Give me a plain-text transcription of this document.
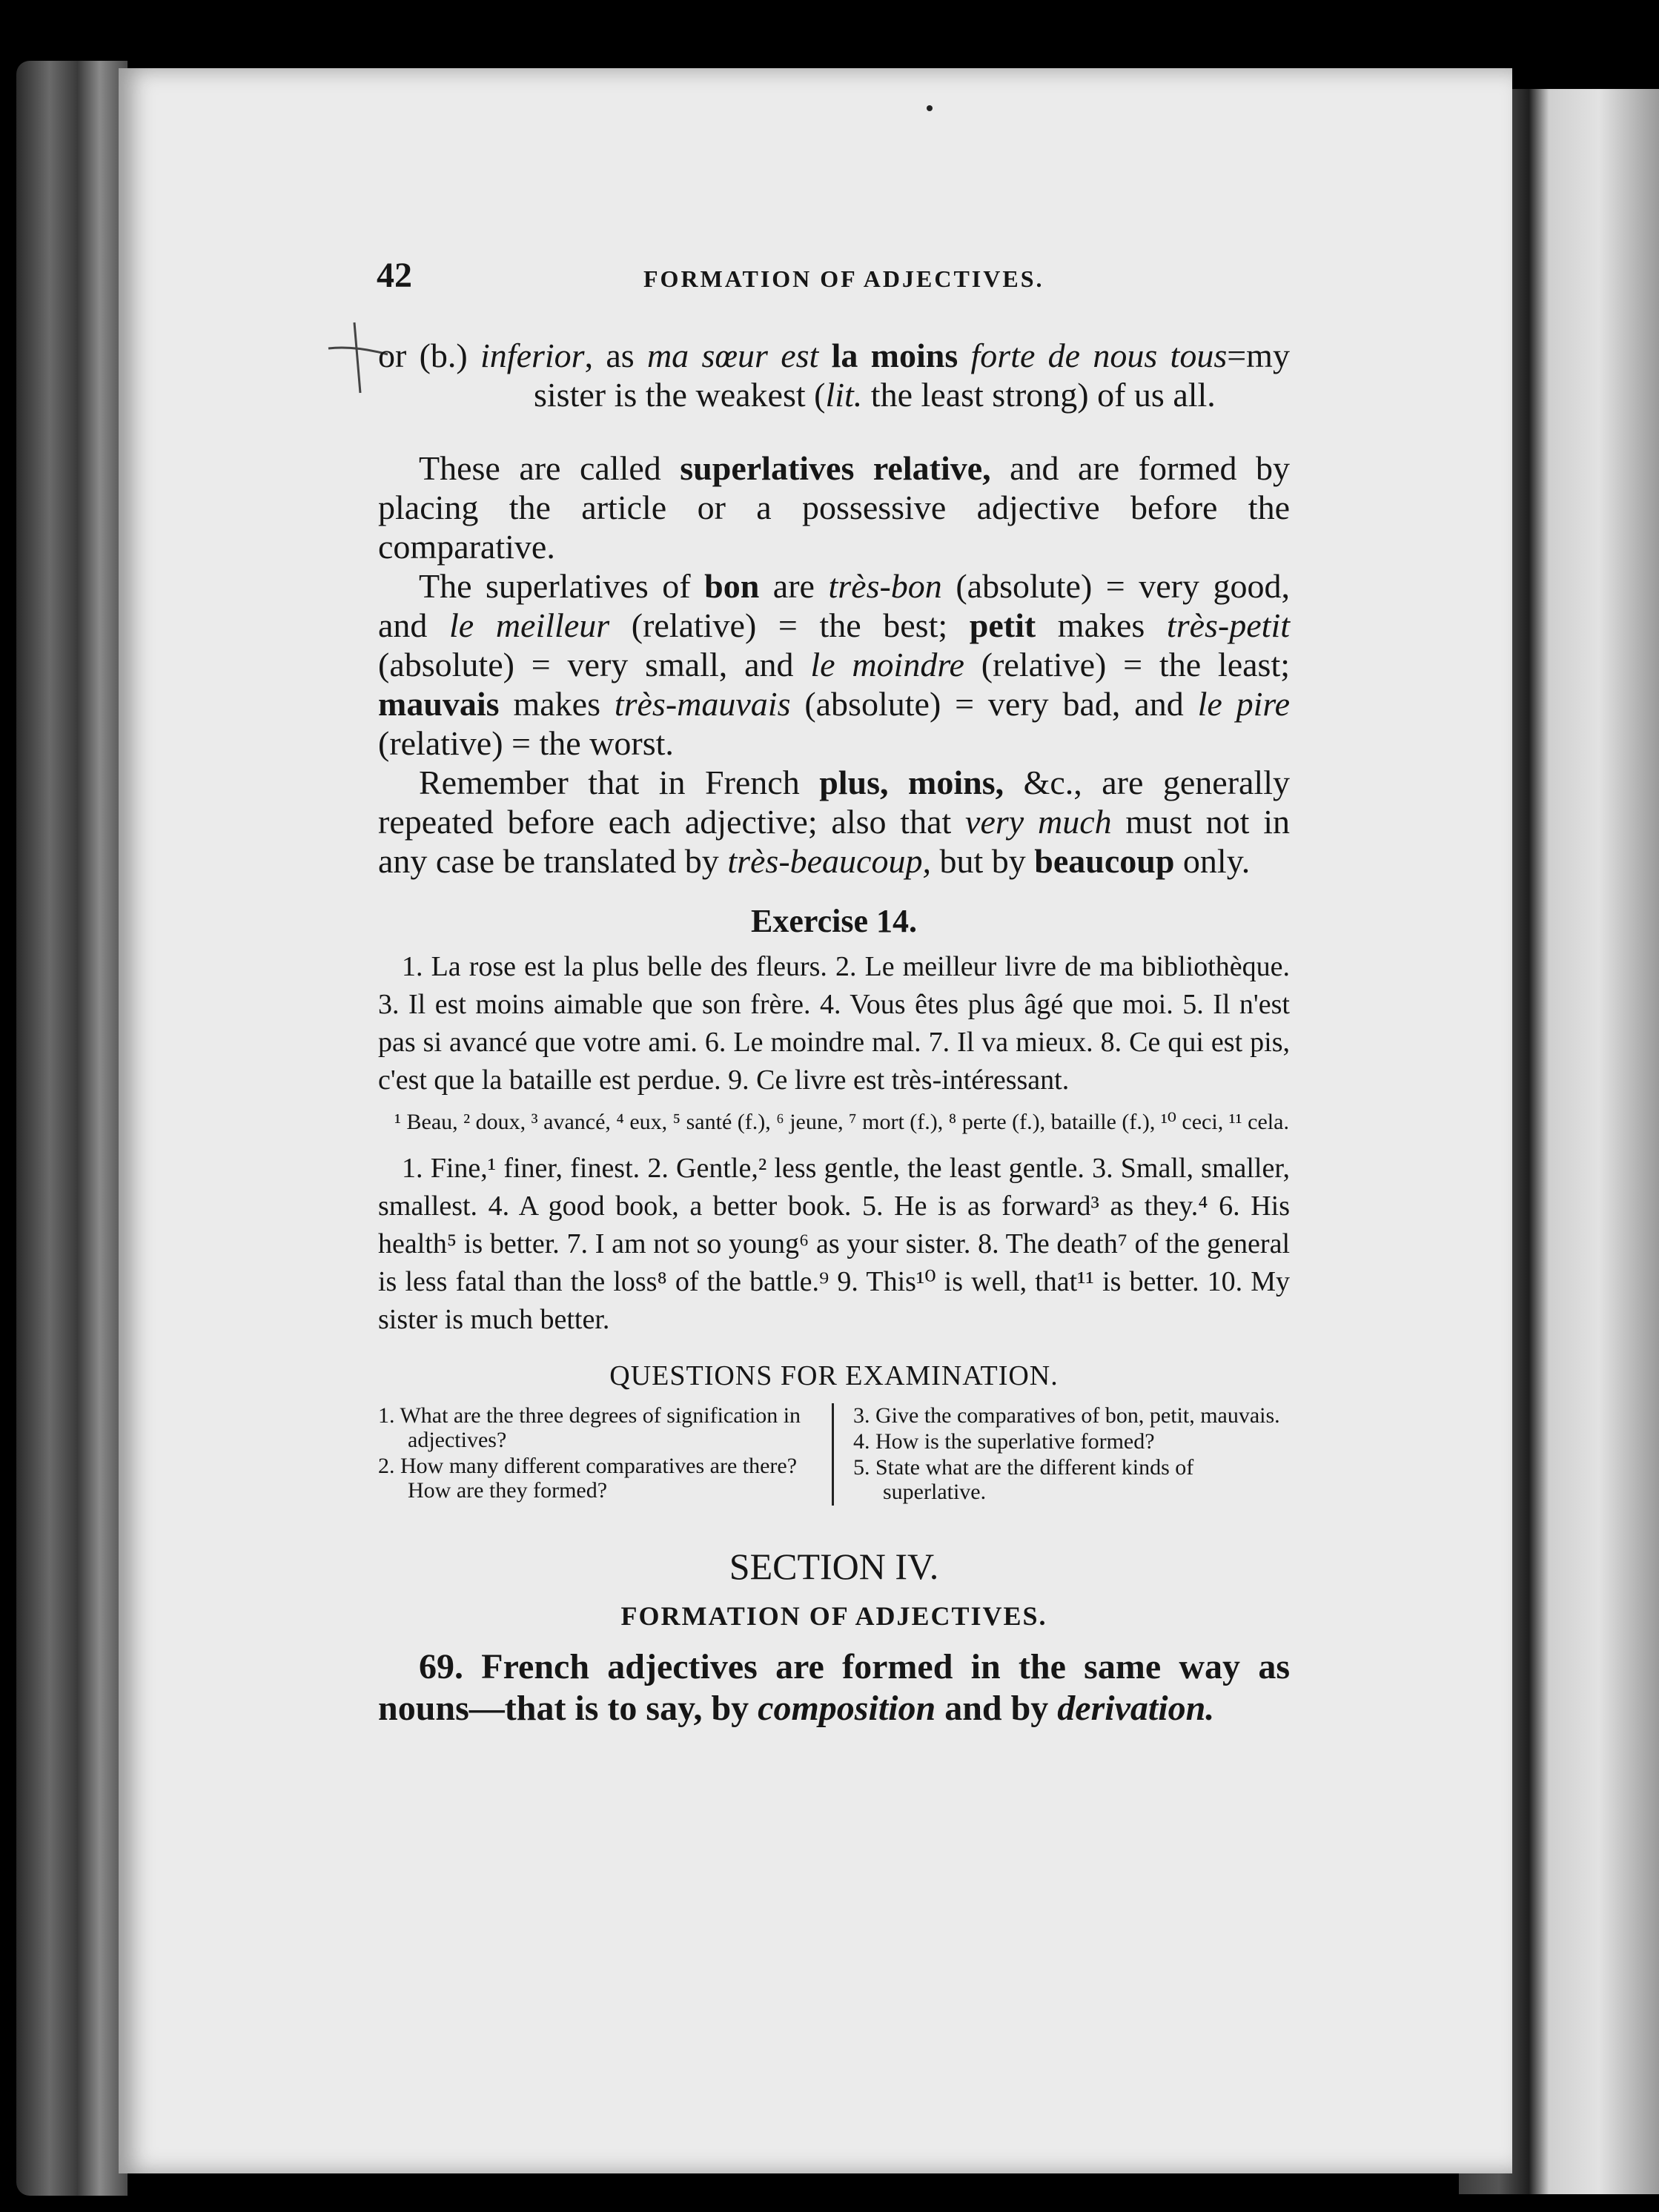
42	FORMATION OF ADJECTIVES.

or (b.) inferior, as ma sœur est la moins forte de nous tous=my sister is the weakest (lit. the least strong) of us all.

These are called superlatives relative, and are formed by placing the article or a possessive adjective before the comparative.

The superlatives of bon are très-bon (absolute) = very good, and le meilleur (relative) = the best; petit makes très-petit (absolute) = very small, and le moindre (relative) = the least; mauvais makes très-mauvais (absolute) = very bad, and le pire (relative) = the worst.

Remember that in French plus, moins, &c., are generally repeated before each adjective; also that very much must not in any case be translated by très-beaucoup, but by beaucoup only.

Exercise 14.

1. La rose est la plus belle des fleurs. 2. Le meilleur livre de ma bibliothèque. 3. Il est moins aimable que son frère. 4. Vous êtes plus âgé que moi. 5. Il n'est pas si avancé que votre ami. 6. Le moindre mal. 7. Il va mieux. 8. Ce qui est pis, c'est que la bataille est perdue. 9. Ce livre est très-intéressant.

¹ Beau, ² doux, ³ avancé, ⁴ eux, ⁵ santé (f.), ⁶ jeune, ⁷ mort (f.), ⁸ perte (f.), bataille (f.), ¹⁰ ceci, ¹¹ cela.

1. Fine,¹ finer, finest. 2. Gentle,² less gentle, the least gentle. 3. Small, smaller, smallest. 4. A good book, a better book. 5. He is as forward³ as they.⁴ 6. His health⁵ is better. 7. I am not so young⁶ as your sister. 8. The death⁷ of the general is less fatal than the loss⁸ of the battle.⁹ 9. This¹⁰ is well, that¹¹ is better. 10. My sister is much better.

QUESTIONS FOR EXAMINATION.

1. What are the three degrees of signification in adjectives?

2. How many different comparatives are there? How are they formed?

3. Give the comparatives of bon, petit, mauvais.

4. How is the superlative formed?

5. State what are the different kinds of superlative.

SECTION IV.
FORMATION OF ADJECTIVES.

69. French adjectives are formed in the same way as nouns—that is to say, by composition and by derivation.
